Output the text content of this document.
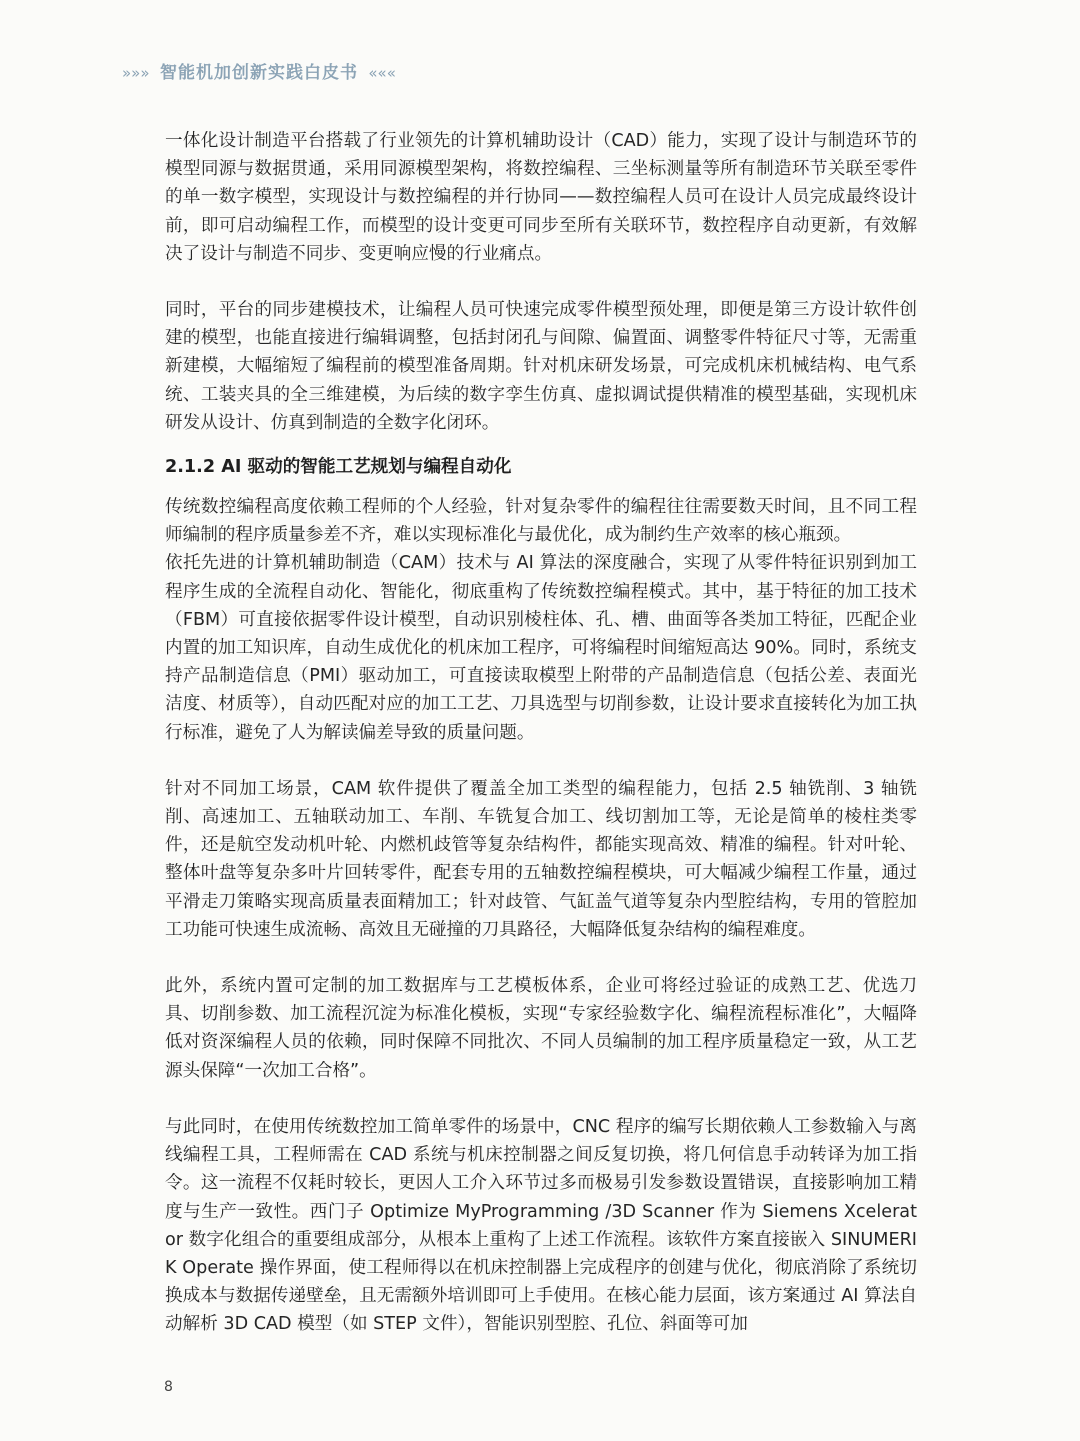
»»» 智能机加创新实践白皮书 «««

一体化设计制造平台搭载了行业领先的计算机辅助设计（CAD）能力，实现了设计与制造环节的模型同源与数据贯通，采用同源模型架构，将数控编程、三坐标测量等所有制造环节关联至零件的单一数字模型，实现设计与数控编程的并行协同——数控编程人员可在设计人员完成最终设计前，即可启动编程工作，而模型的设计变更可同步至所有关联环节，数控程序自动更新，有效解决了设计与制造不同步、变更响应慢的行业痛点。

同时，平台的同步建模技术，让编程人员可快速完成零件模型预处理，即便是第三方设计软件创建的模型，也能直接进行编辑调整，包括封闭孔与间隙、偏置面、调整零件特征尺寸等，无需重新建模，大幅缩短了编程前的模型准备周期。针对机床研发场景，可完成机床机械结构、电气系统、工装夹具的全三维建模，为后续的数字孪生仿真、虚拟调试提供精准的模型基础，实现机床研发从设计、仿真到制造的全数字化闭环。

2.1.2 AI 驱动的智能工艺规划与编程自动化

传统数控编程高度依赖工程师的个人经验，针对复杂零件的编程往往需要数天时间，且不同工程师编制的程序质量参差不齐，难以实现标准化与最优化，成为制约生产效率的核心瓶颈。

依托先进的计算机辅助制造（CAM）技术与 AI 算法的深度融合，实现了从零件特征识别到加工程序生成的全流程自动化、智能化，彻底重构了传统数控编程模式。其中，基于特征的加工技术（FBM）可直接依据零件设计模型，自动识别棱柱体、孔、槽、曲面等各类加工特征，匹配企业内置的加工知识库，自动生成优化的机床加工程序，可将编程时间缩短高达 90%。同时，系统支持产品制造信息（PMI）驱动加工，可直接读取模型上附带的产品制造信息（包括公差、表面光洁度、材质等），自动匹配对应的加工工艺、刀具选型与切削参数，让设计要求直接转化为加工执行标准，避免了人为解读偏差导致的质量问题。

针对不同加工场景，CAM 软件提供了覆盖全加工类型的编程能力，包括 2.5 轴铣削、3 轴铣削、高速加工、五轴联动加工、车削、车铣复合加工、线切割加工等，无论是简单的棱柱类零件，还是航空发动机叶轮、内燃机歧管等复杂结构件，都能实现高效、精准的编程。针对叶轮、整体叶盘等复杂多叶片回转零件，配套专用的五轴数控编程模块，可大幅减少编程工作量，通过平滑走刀策略实现高质量表面精加工；针对歧管、气缸盖气道等复杂内型腔结构，专用的管腔加工功能可快速生成流畅、高效且无碰撞的刀具路径，大幅降低复杂结构的编程难度。

此外，系统内置可定制的加工数据库与工艺模板体系，企业可将经过验证的成熟工艺、优选刀具、切削参数、加工流程沉淀为标准化模板，实现“专家经验数字化、编程流程标准化”，大幅降低对资深编程人员的依赖，同时保障不同批次、不同人员编制的加工程序质量稳定一致，从工艺源头保障“一次加工合格”。

与此同时，在使用传统数控加工简单零件的场景中，CNC 程序的编写长期依赖人工参数输入与离线编程工具，工程师需在 CAD 系统与机床控制器之间反复切换，将几何信息手动转译为加工指令。这一流程不仅耗时较长，更因人工介入环节过多而极易引发参数设置错误，直接影响加工精度与生产一致性。西门子 Optimize MyProgramming /3D Scanner 作为 Siemens Xcelerator 数字化组合的重要组成部分，从根本上重构了上述工作流程。该软件方案直接嵌入 SINUMERIK Operate 操作界面，使工程师得以在机床控制器上完成程序的创建与优化，彻底消除了系统切换成本与数据传递壁垒，且无需额外培训即可上手使用。在核心能力层面，该方案通过 AI 算法自动解析 3D CAD 模型（如 STEP 文件），智能识别型腔、孔位、斜面等可加

8
